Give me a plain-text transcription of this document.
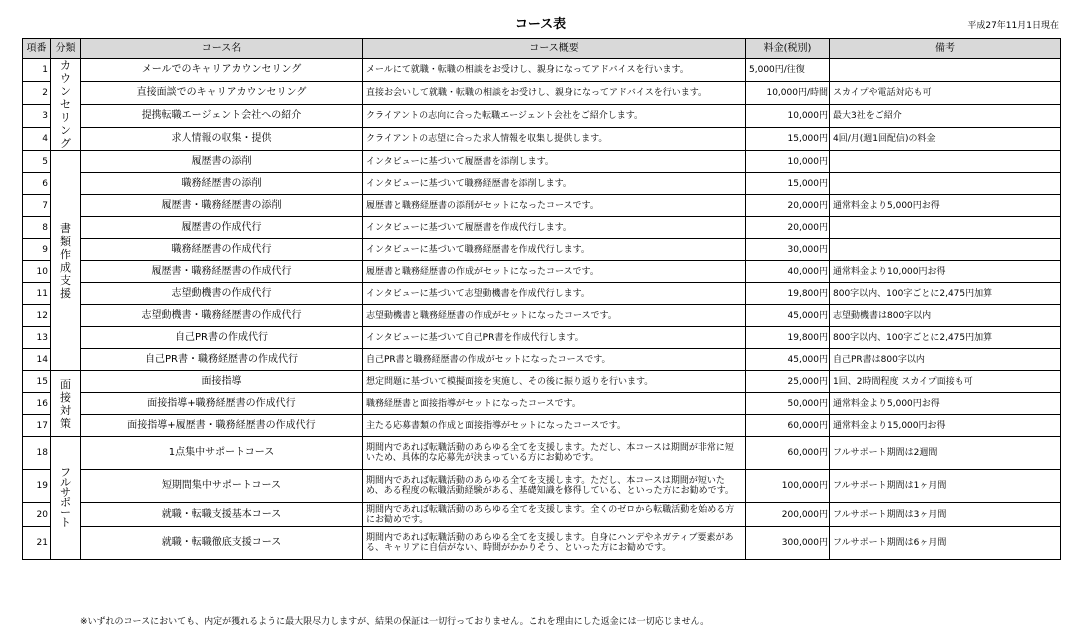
コース表	平成27年11月1日現在
項番	分類	コース名	コース概要	料金(税別)	備考
1	カウンセリング	メールでのキャリアカウンセリング	メールにて就職・転職の相談をお受けし、親身になってアドバイスを行います。	5,000円/往復	
2		直接面談でのキャリアカウンセリング	直接お会いして就職・転職の相談をお受けし、親身になってアドバイスを行います。	10,000円/時間	スカイプや電話対応も可
3		提携転職エージェント会社への紹介	クライアントの志向に合った転職エージェント会社をご紹介します。	10,000円	最大3社をご紹介
4		求人情報の収集・提供	クライアントの志望に合った求人情報を収集し提供します。	15,000円	4回/月(週1回配信)の料金
5	書類作成支援	履歴書の添削	インタビューに基づいて履歴書を添削します。	10,000円	
6		職務経歴書の添削	インタビューに基づいて職務経歴書を添削します。	15,000円	
7		履歴書・職務経歴書の添削	履歴書と職務経歴書の添削がセットになったコースです。	20,000円	通常料金より5,000円お得
8		履歴書の作成代行	インタビューに基づいて履歴書を作成代行します。	20,000円	
9		職務経歴書の作成代行	インタビューに基づいて職務経歴書を作成代行します。	30,000円	
10		履歴書・職務経歴書の作成代行	履歴書と職務経歴書の作成がセットになったコースです。	40,000円	通常料金より10,000円お得
11		志望動機書の作成代行	インタビューに基づいて志望動機書を作成代行します。	19,800円	800字以内、100字ごとに2,475円加算
12		志望動機書・職務経歴書の作成代行	志望動機書と職務経歴書の作成がセットになったコースです。	45,000円	志望動機書は800字以内
13		自己PR書の作成代行	インタビューに基づいて自己PR書を作成代行します。	19,800円	800字以内、100字ごとに2,475円加算
14		自己PR書・職務経歴書の作成代行	自己PR書と職務経歴書の作成がセットになったコースです。	45,000円	自己PR書は800字以内
15	面接対策	面接指導	想定問題に基づいて模擬面接を実施し、その後に振り返りを行います。	25,000円	1回、2時間程度 スカイプ面接も可
16		面接指導+職務経歴書の作成代行	職務経歴書と面接指導がセットになったコースです。	50,000円	通常料金より5,000円お得
17		面接指導+履歴書・職務経歴書の作成代行	主たる応募書類の作成と面接指導がセットになったコースです。	60,000円	通常料金より15,000円お得
18	フルサポート	1点集中サポートコース	期間内であれば転職活動のあらゆる全てを支援します。ただし、本コースは期間が非常に短いため、具体的な応募先が決まっている方にお勧めです。	60,000円	フルサポート期間は2週間
19		短期間集中サポートコース	期間内であれば転職活動のあらゆる全てを支援します。ただし、本コースは期間が短いため、ある程度の転職活動経験がある、基礎知識を修得している、といった方にお勧めです。	100,000円	フルサポート期間は1ヶ月間
20		就職・転職支援基本コース	期間内であれば転職活動のあらゆる全てを支援します。全くのゼロから転職活動を始める方にお勧めです。	200,000円	フルサポート期間は3ヶ月間
21		就職・転職徹底支援コース	期間内であれば転職活動のあらゆる全てを支援します。自身にハンデやネガティブ要素がある、キャリアに自信がない、時間がかかりそう、といった方にお勧めです。	300,000円	フルサポート期間は6ヶ月間
※いずれのコースにおいても、内定が獲れるように最大限尽力しますが、結果の保証は一切行っておりません。これを理由にした返金には一切応じません。
